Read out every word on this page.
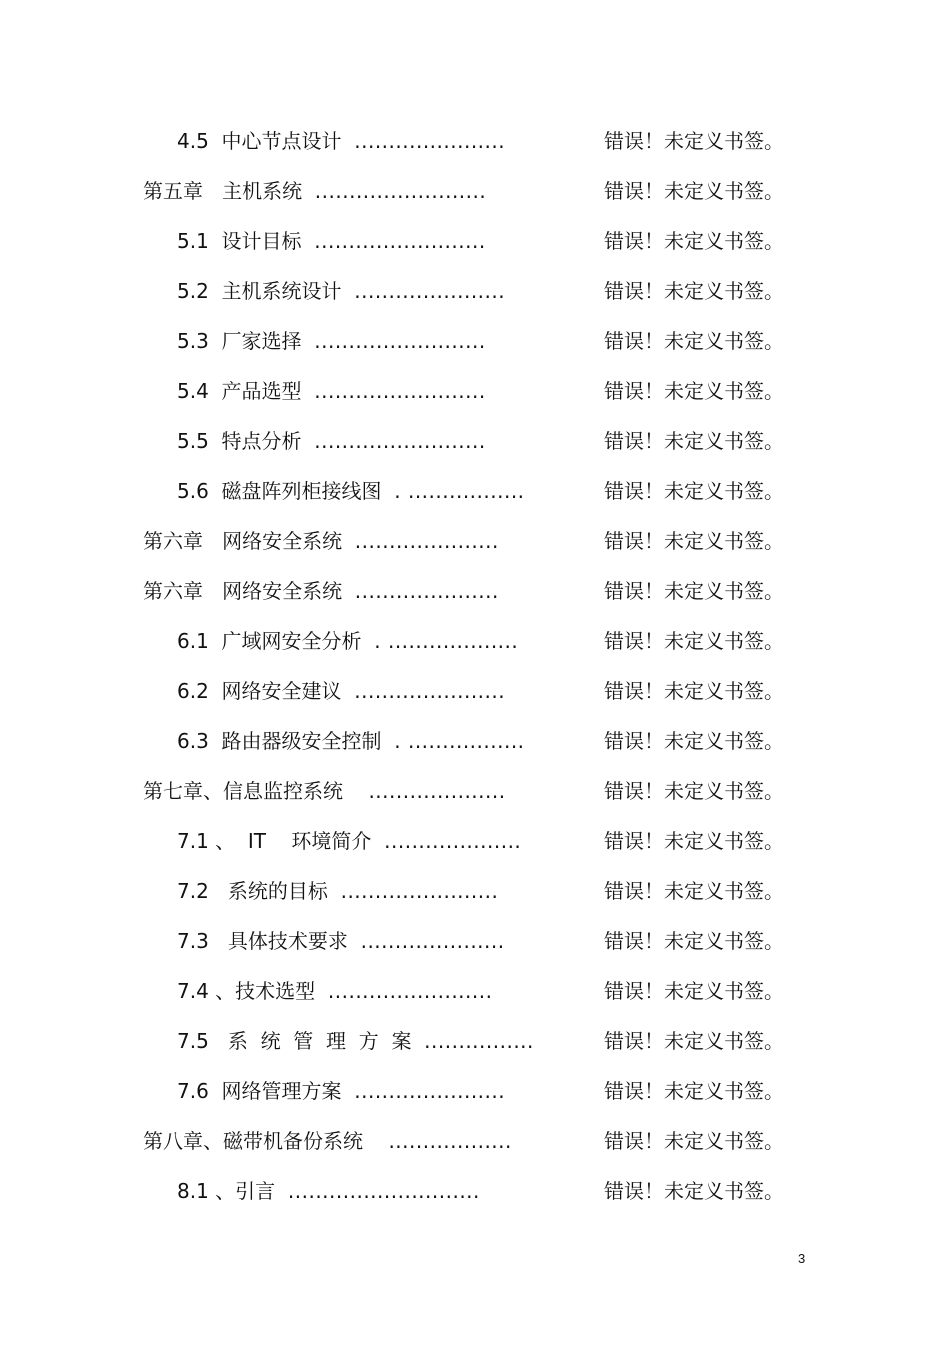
4.5  中心节点设计  ......................	错误！未定义书签。
第五章   主机系统  .........................	错误！未定义书签。
5.1  设计目标  .........................	错误！未定义书签。
5.2  主机系统设计  ......................	错误！未定义书签。
5.3  厂家选择  .........................	错误！未定义书签。
5.4  产品选型  .........................	错误！未定义书签。
5.5  特点分析  .........................	错误！未定义书签。
5.6  磁盘阵列柜接线图  . .................	错误！未定义书签。
第六章   网络安全系统  .....................	错误！未定义书签。
第六章   网络安全系统  .....................	错误！未定义书签。
6.1  广域网安全分析  . ...................	错误！未定义书签。
6.2  网络安全建议  ......................	错误！未定义书签。
6.3  路由器级安全控制  . .................	错误！未定义书签。
第七章、信息监控系统    ....................	错误！未定义书签。
7.1 、  IT    环境简介  ....................	错误！未定义书签。
7.2   系统的目标  .......................	错误！未定义书签。
7.3   具体技术要求  .....................	错误！未定义书签。
7.4 、技术选型  ........................	错误！未定义书签。
7.5   系  统  管  理  方  案  ................	错误！未定义书签。
7.6  网络管理方案  ......................	错误！未定义书签。
第八章、磁带机备份系统    ..................	错误！未定义书签。
8.1 、引言  ............................	错误！未定义书签。
3
